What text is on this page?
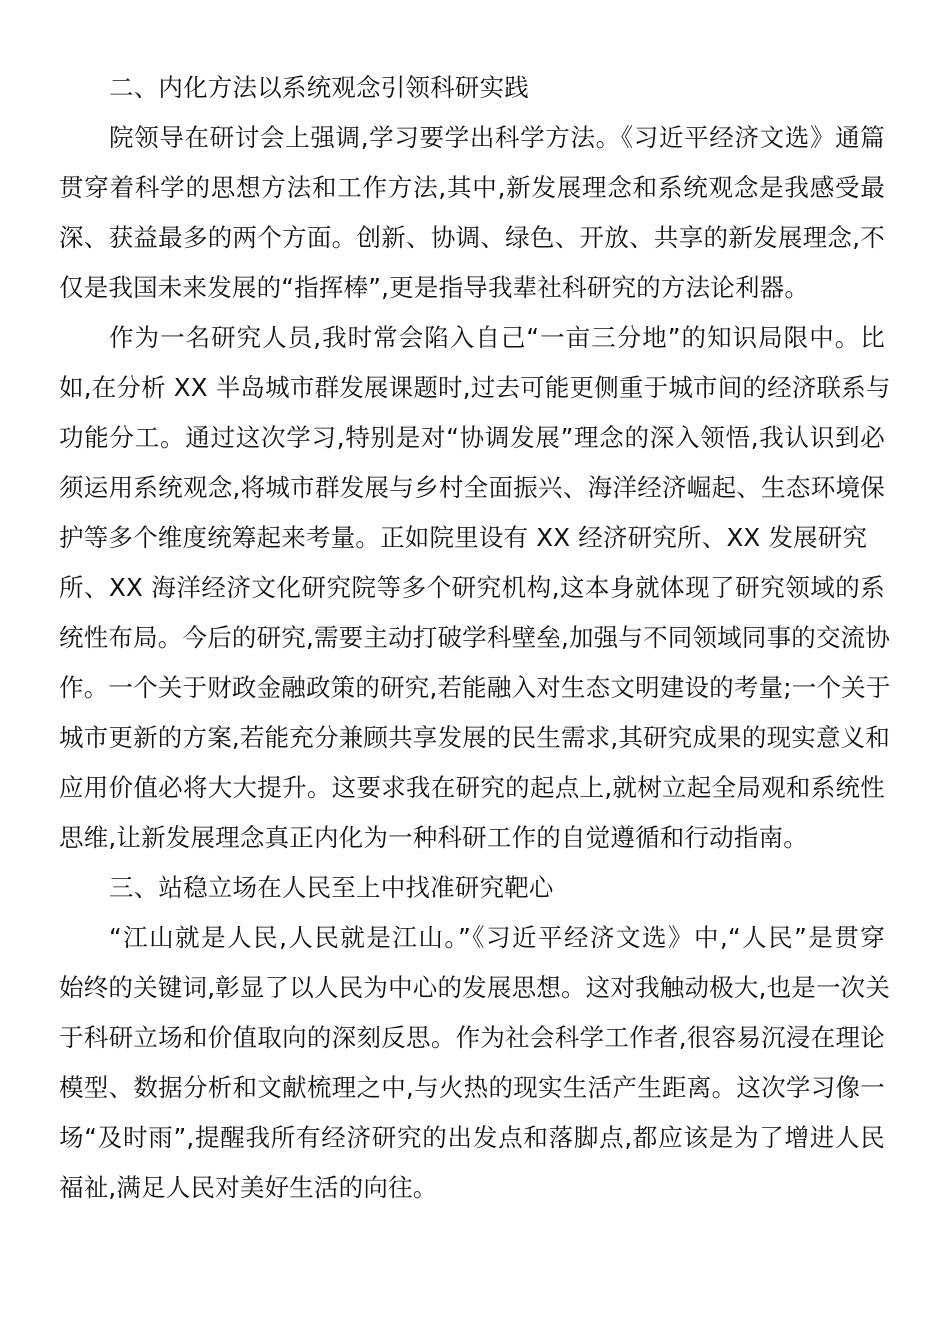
二、内化方法以系统观念引领科研实践
院领导在研讨会上强调,学习要学出科学方法。《习近平经济文选》通篇
贯穿着科学的思想方法和工作方法,其中,新发展理念和系统观念是我感受最
深、获益最多的两个方面。创新、协调、绿色、开放、共享的新发展理念,不
仅是我国未来发展的“指挥棒”,更是指导我辈社科研究的方法论利器。
作为一名研究人员,我时常会陷入自己“一亩三分地”的知识局限中。比
如,在分析 XX 半岛城市群发展课题时,过去可能更侧重于城市间的经济联系与
功能分工。通过这次学习,特别是对“协调发展”理念的深入领悟,我认识到必
须运用系统观念,将城市群发展与乡村全面振兴、海洋经济崛起、生态环境保
护等多个维度统筹起来考量。正如院里设有 XX 经济研究所、XX 发展研究
所、XX 海洋经济文化研究院等多个研究机构,这本身就体现了研究领域的系
统性布局。今后的研究,需要主动打破学科壁垒,加强与不同领域同事的交流协
作。一个关于财政金融政策的研究,若能融入对生态文明建设的考量;一个关于
城市更新的方案,若能充分兼顾共享发展的民生需求,其研究成果的现实意义和
应用价值必将大大提升。这要求我在研究的起点上,就树立起全局观和系统性
思维,让新发展理念真正内化为一种科研工作的自觉遵循和行动指南。
三、站稳立场在人民至上中找准研究靶心
“江山就是人民,人民就是江山。”《习近平经济文选》中,“人民”是贯穿
始终的关键词,彰显了以人民为中心的发展思想。这对我触动极大,也是一次关
于科研立场和价值取向的深刻反思。作为社会科学工作者,很容易沉浸在理论
模型、数据分析和文献梳理之中,与火热的现实生活产生距离。这次学习像一
场“及时雨”,提醒我所有经济研究的出发点和落脚点,都应该是为了增进人民
福祉,满足人民对美好生活的向往。
